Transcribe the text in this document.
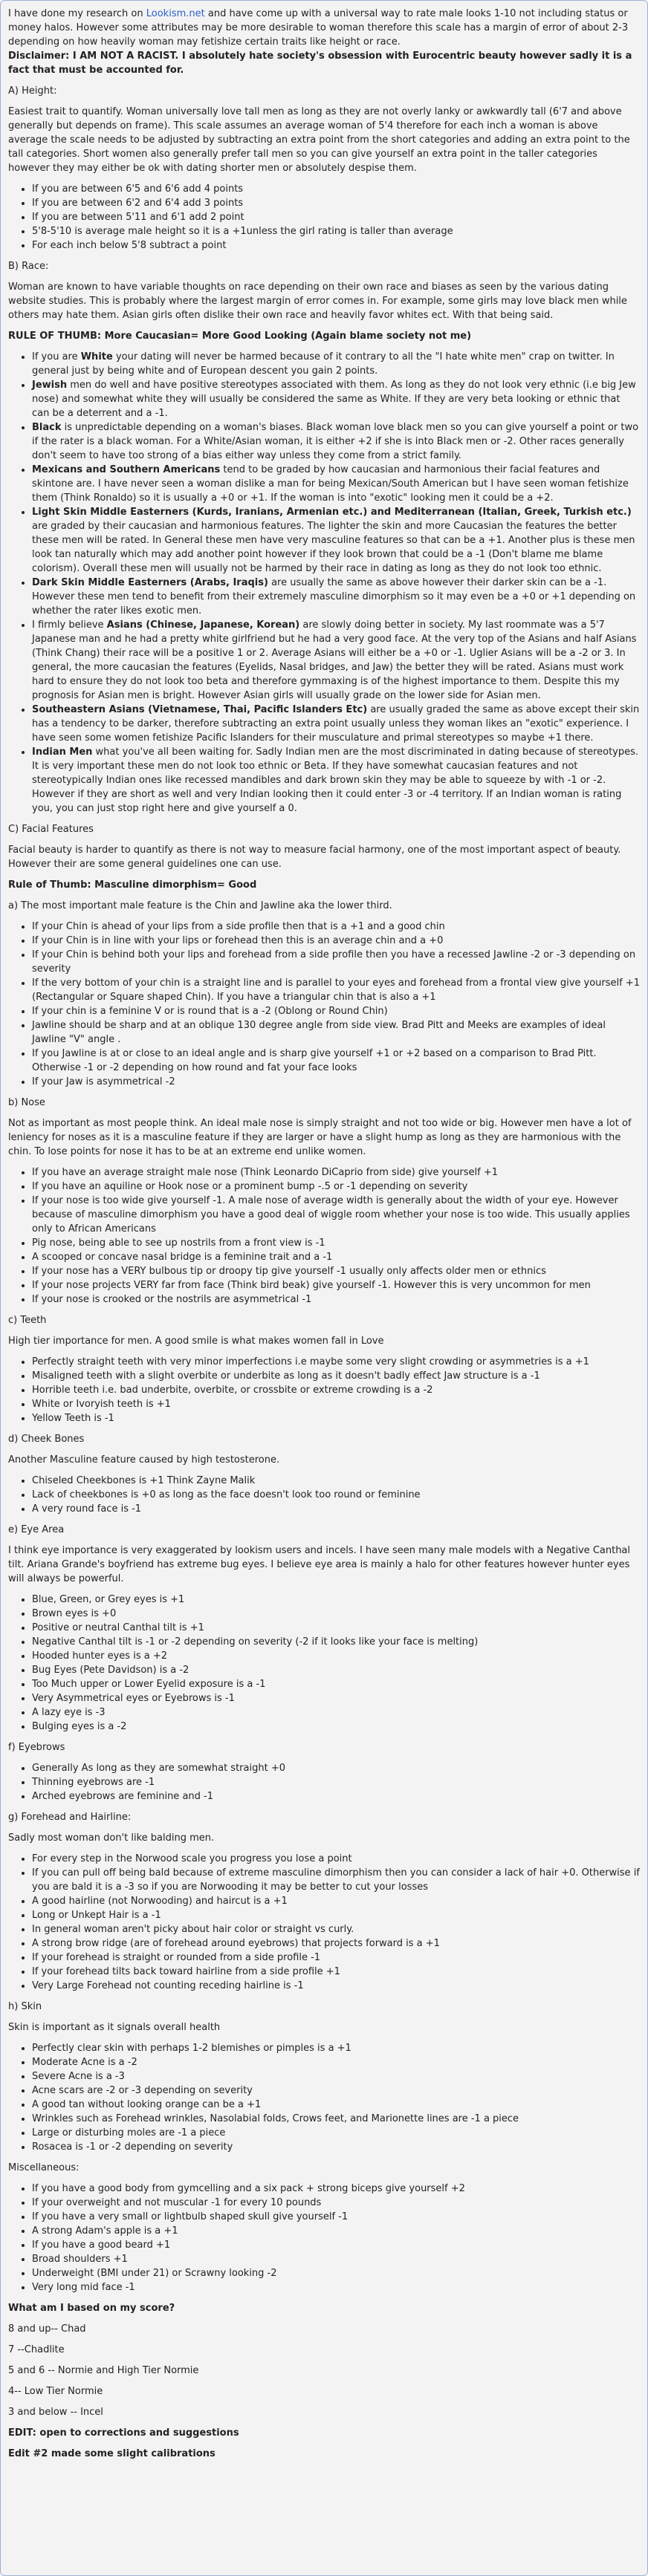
I have done my research on Lookism.net and have come up with a universal way to rate male looks 1-10 not including status or money halos. However some attributes may be more desirable to woman therefore this scale has a margin of error of about 2-3 depending on how heavily woman may fetishize certain traits like height or race.
Disclaimer: I AM NOT A RACIST. I absolutely hate society's obsession with Eurocentric beauty however sadly it is a fact that must be accounted for.

A) Height:

Easiest trait to quantify. Woman universally love tall men as long as they are not overly lanky or awkwardly tall (6'7 and above generally but depends on frame). This scale assumes an average woman of 5'4 therefore for each inch a woman is above average the scale needs to be adjusted by subtracting an extra point from the short categories and adding an extra point to the tall categories. Short women also generally prefer tall men so you can give yourself an extra point in the taller categories however they may either be ok with dating shorter men or absolutely despise them.

• If you are between 6'5 and 6'6 add 4 points
• If you are between 6'2 and 6'4 add 3 points
• If you are between 5'11 and 6'1 add 2 point
• 5'8-5'10 is average male height so it is a +1unless the girl rating is taller than average
• For each inch below 5'8 subtract a point

B) Race:

Woman are known to have variable thoughts on race depending on their own race and biases as seen by the various dating website studies. This is probably where the largest margin of error comes in. For example, some girls may love black men while others may hate them. Asian girls often dislike their own race and heavily favor whites ect. With that being said.

RULE OF THUMB: More Caucasian= More Good Looking (Again blame society not me)

• If you are White your dating will never be harmed because of it contrary to all the "I hate white men" crap on twitter. In general just by being white and of European descent you gain 2 points.
• Jewish men do well and have positive stereotypes associated with them. As long as they do not look very ethnic (i.e big Jew nose) and somewhat white they will usually be considered the same as White. If they are very beta looking or ethnic that can be a deterrent and a -1.
• Black is unpredictable depending on a woman's biases. Black woman love black men so you can give yourself a point or two if the rater is a black woman. For a White/Asian woman, it is either +2 if she is into Black men or -2. Other races generally don't seem to have too strong of a bias either way unless they come from a strict family.
• Mexicans and Southern Americans tend to be graded by how caucasian and harmonious their facial features and skintone are. I have never seen a woman dislike a man for being Mexican/South American but I have seen woman fetishize them (Think Ronaldo) so it is usually a +0 or +1. If the woman is into "exotic" looking men it could be a +2.
• Light Skin Middle Easterners (Kurds, Iranians, Armenian etc.) and Mediterranean (Italian, Greek, Turkish etc.) are graded by their caucasian and harmonious features. The lighter the skin and more Caucasian the features the better these men will be rated. In General these men have very masculine features so that can be a +1. Another plus is these men look tan naturally which may add another point however if they look brown that could be a -1 (Don't blame me blame colorism). Overall these men will usually not be harmed by their race in dating as long as they do not look too ethnic.
• Dark Skin Middle Easterners (Arabs, Iraqis) are usually the same as above however their darker skin can be a -1. However these men tend to benefit from their extremely masculine dimorphism so it may even be a +0 or +1 depending on whether the rater likes exotic men.
• I firmly believe Asians (Chinese, Japanese, Korean) are slowly doing better in society. My last roommate was a 5'7 Japanese man and he had a pretty white girlfriend but he had a very good face. At the very top of the Asians and half Asians (Think Chang) their race will be a positive 1 or 2. Average Asians will either be a +0 or -1. Uglier Asians will be a -2 or 3. In general, the more caucasian the features (Eyelids, Nasal bridges, and Jaw) the better they will be rated. Asians must work hard to ensure they do not look too beta and therefore gymmaxing is of the highest importance to them. Despite this my prognosis for Asian men is bright. However Asian girls will usually grade on the lower side for Asian men.
• Southeastern Asians (Vietnamese, Thai, Pacific Islanders Etc) are usually graded the same as above except their skin has a tendency to be darker, therefore subtracting an extra point usually unless they woman likes an "exotic" experience. I have seen some women fetishize Pacific Islanders for their musculature and primal stereotypes so maybe +1 there.
• Indian Men what you've all been waiting for. Sadly Indian men are the most discriminated in dating because of stereotypes. It is very important these men do not look too ethnic or Beta. If they have somewhat caucasian features and not stereotypically Indian ones like recessed mandibles and dark brown skin they may be able to squeeze by with -1 or -2. However if they are short as well and very Indian looking then it could enter -3 or -4 territory. If an Indian woman is rating you, you can just stop right here and give yourself a 0.

C) Facial Features

Facial beauty is harder to quantify as there is not way to measure facial harmony, one of the most important aspect of beauty. However their are some general guidelines one can use.

Rule of Thumb: Masculine dimorphism= Good

a) The most important male feature is the Chin and Jawline aka the lower third.

• If your Chin is ahead of your lips from a side profile then that is a +1 and a good chin
• If your Chin is in line with your lips or forehead then this is an average chin and a +0
• If your Chin is behind both your lips and forehead from a side profile then you have a recessed Jawline -2 or -3 depending on severity
• If the very bottom of your chin is a straight line and is parallel to your eyes and forehead from a frontal view give yourself +1 (Rectangular or Square shaped Chin). If you have a triangular chin that is also a +1
• If your chin is a feminine V or is round that is a -2 (Oblong or Round Chin)
• Jawline should be sharp and at an oblique 130 degree angle from side view. Brad Pitt and Meeks are examples of ideal Jawline "V" angle .
• If you Jawline is at or close to an ideal angle and is sharp give yourself +1 or +2 based on a comparison to Brad Pitt. Otherwise -1 or -2 depending on how round and fat your face looks
• If your Jaw is asymmetrical -2

b) Nose

Not as important as most people think. An ideal male nose is simply straight and not too wide or big. However men have a lot of leniency for noses as it is a masculine feature if they are larger or have a slight hump as long as they are harmonious with the chin. To lose points for nose it has to be at an extreme end unlike women.

• If you have an average straight male nose (Think Leonardo DiCaprio from side) give yourself +1
• If you have an aquiline or Hook nose or a prominent bump -.5 or -1 depending on severity
• If your nose is too wide give yourself -1. A male nose of average width is generally about the width of your eye. However because of masculine dimorphism you have a good deal of wiggle room whether your nose is too wide. This usually applies only to African Americans
• Pig nose, being able to see up nostrils from a front view is -1
• A scooped or concave nasal bridge is a feminine trait and a -1
• If your nose has a VERY bulbous tip or droopy tip give yourself -1 usually only affects older men or ethnics
• If your nose projects VERY far from face (Think bird beak) give yourself -1. However this is very uncommon for men
• If your nose is crooked or the nostrils are asymmetrical -1

c) Teeth

High tier importance for men. A good smile is what makes women fall in Love

• Perfectly straight teeth with very minor imperfections i.e maybe some very slight crowding or asymmetries is a +1
• Misaligned teeth with a slight overbite or underbite as long as it doesn't badly effect Jaw structure is a -1
• Horrible teeth i.e. bad underbite, overbite, or crossbite or extreme crowding is a -2
• White or Ivoryish teeth is +1
• Yellow Teeth is -1

d) Cheek Bones

Another Masculine feature caused by high testosterone.

• Chiseled Cheekbones is +1 Think Zayne Malik
• Lack of cheekbones is +0 as long as the face doesn't look too round or feminine
• A very round face is -1

e) Eye Area

I think eye importance is very exaggerated by lookism users and incels. I have seen many male models with a Negative Canthal tilt. Ariana Grande's boyfriend has extreme bug eyes. I believe eye area is mainly a halo for other features however hunter eyes will always be powerful.

• Blue, Green, or Grey eyes is +1
• Brown eyes is +0
• Positive or neutral Canthal tilt is +1
• Negative Canthal tilt is -1 or -2 depending on severity (-2 if it looks like your face is melting)
• Hooded hunter eyes is a +2
• Bug Eyes (Pete Davidson) is a -2
• Too Much upper or Lower Eyelid exposure is a -1
• Very Asymmetrical eyes or Eyebrows is -1
• A lazy eye is -3
• Bulging eyes is a -2

f) Eyebrows

• Generally As long as they are somewhat straight +0
• Thinning eyebrows are -1
• Arched eyebrows are feminine and -1

g) Forehead and Hairline:

Sadly most woman don't like balding men.

• For every step in the Norwood scale you progress you lose a point
• If you can pull off being bald because of extreme masculine dimorphism then you can consider a lack of hair +0. Otherwise if you are bald it is a -3 so if you are Norwooding it may be better to cut your losses
• A good hairline (not Norwooding) and haircut is a +1
• Long or Unkept Hair is a -1
• In general woman aren't picky about hair color or straight vs curly.
• A strong brow ridge (are of forehead around eyebrows) that projects forward is a +1
• If your forehead is straight or rounded from a side profile -1
• If your forehead tilts back toward hairline from a side profile +1
• Very Large Forehead not counting receding hairline is -1

h) Skin

Skin is important as it signals overall health

• Perfectly clear skin with perhaps 1-2 blemishes or pimples is a +1
• Moderate Acne is a -2
• Severe Acne is a -3
• Acne scars are -2 or -3 depending on severity
• A good tan without looking orange can be a +1
• Wrinkles such as Forehead wrinkles, Nasolabial folds, Crows feet, and Marionette lines are -1 a piece
• Large or disturbing moles are -1 a piece
• Rosacea is -1 or -2 depending on severity

Miscellaneous:

• If you have a good body from gymcelling and a six pack + strong biceps give yourself +2
• If your overweight and not muscular -1 for every 10 pounds
• If you have a very small or lightbulb shaped skull give yourself -1
• A strong Adam's apple is a +1
• If you have a good beard +1
• Broad shoulders +1
• Underweight (BMI under 21) or Scrawny looking -2
• Very long mid face -1

What am I based on my score?

8 and up-- Chad

7 --Chadlite

5 and 6 -- Normie and High Tier Normie

4-- Low Tier Normie

3 and below -- Incel

EDIT: open to corrections and suggestions

Edit #2 made some slight calibrations
